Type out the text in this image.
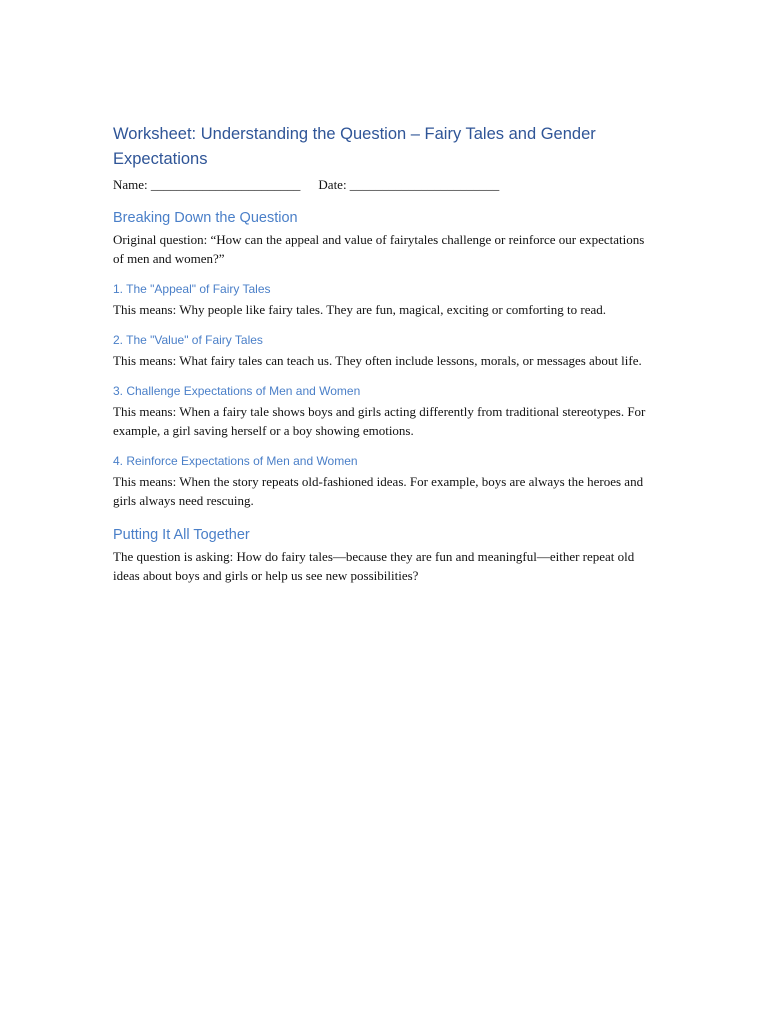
Worksheet: Understanding the Question – Fairy Tales and Gender Expectations
Name: _______________________ Date: _______________________
Breaking Down the Question

Original question: “How can the appeal and value of fairytales challenge or reinforce our expectations of men and women?”

1. The "Appeal" of Fairy Tales

This means: Why people like fairy tales. They are fun, magical, exciting or comforting to read.

2. The "Value" of Fairy Tales

This means: What fairy tales can teach us. They often include lessons, morals, or messages about life.

3. Challenge Expectations of Men and Women

This means: When a fairy tale shows boys and girls acting differently from traditional stereotypes. For example, a girl saving herself or a boy showing emotions.

4. Reinforce Expectations of Men and Women

This means: When the story repeats old-fashioned ideas. For example, boys are always the heroes and girls always need rescuing.

Putting It All Together

The question is asking: How do fairy tales—because they are fun and meaningful—either repeat old ideas about boys and girls or help us see new possibilities?
